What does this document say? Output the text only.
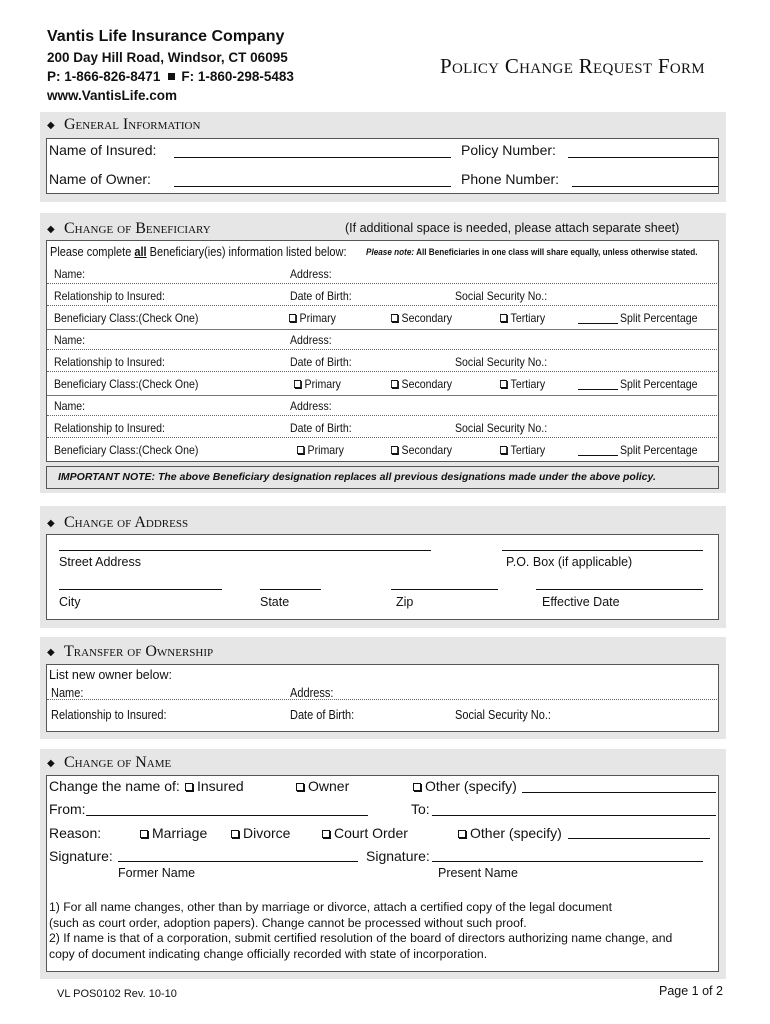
Vantis Life Insurance Company
200 Day Hill Road, Windsor, CT 06095
P: 1-866-826-8471 F: 1-860-298-5483
www.VantisLife.com
Policy Change Request Form
◆ General Information
Name of Insured:	Policy Number:
Name of Owner:	Phone Number:
◆ Change of Beneficiary	(If additional space is needed, please attach separate sheet)
Please complete all Beneficiary(ies) information listed below: Please note: All Beneficiaries in one class will share equally, unless otherwise stated.
Name:	Address:
Relationship to Insured:	Date of Birth:	Social Security No.:
Beneficiary Class:(Check One)	Primary	Secondary	Tertiary	Split Percentage
Name:	Address:
Relationship to Insured:	Date of Birth:	Social Security No.:
Beneficiary Class:(Check One)	Primary	Secondary	Tertiary	Split Percentage
Name:	Address:
Relationship to Insured:	Date of Birth:	Social Security No.:
Beneficiary Class:(Check One)	Primary	Secondary	Tertiary	Split Percentage
IMPORTANT NOTE: The above Beneficiary designation replaces all previous designations made under the above policy.
◆ Change of Address
Street Address	P.O. Box (if applicable)
City	State	Zip	Effective Date
◆ Transfer of Ownership
List new owner below:
Name:	Address:
Relationship to Insured:	Date of Birth:	Social Security No.:
◆ Change of Name
Change the name of:	Insured	Owner	Other (specify)
From:	To:
Reason:	Marriage	Divorce	Court Order	Other (specify)
Signature:	Signature:
Former Name	Present Name
1) For all name changes, other than by marriage or divorce, attach a certified copy of the legal document
(such as court order, adoption papers). Change cannot be processed without such proof.
2) If name is that of a corporation, submit certified resolution of the board of directors authorizing name change, and
copy of document indicating change officially recorded with state of incorporation.
VL POS0102 Rev. 10-10	Page 1 of 2
